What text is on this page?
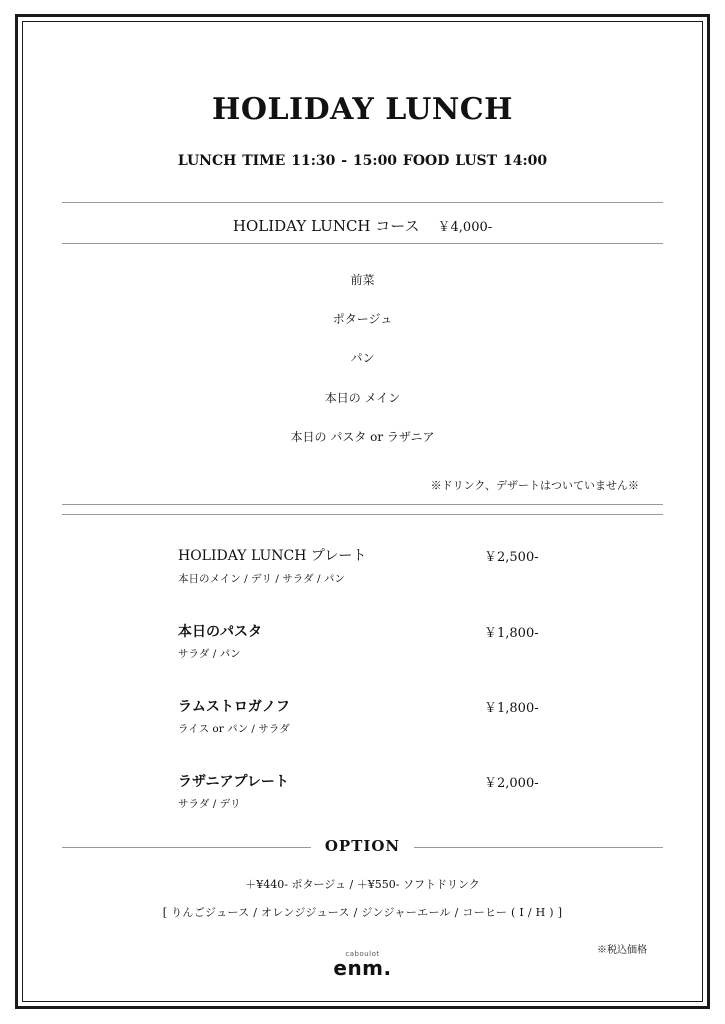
HOLIDAY LUNCH
LUNCH TIME 11:30 - 15:00 FOOD LUST 14:00
HOLIDAY LUNCH コース ￥4,000-
前菜
ポタージュ
パン
本日の メイン
本日の パスタ or ラザニア
※ドリンク、デザートはついていません※
HOLIDAY LUNCH プレート	￥2,500-
本日のメイン / デリ / サラダ / パン
本日のパスタ	￥1,800-
サラダ / パン
ラムストロガノフ	￥1,800-
ライス or パン / サラダ
ラザニアプレート	￥2,000-
サラダ / デリ
OPTION
＋¥440- ポタージュ / ＋¥550- ソフトドリンク
[ りんごジュース / オレンジジュース / ジンジャーエール / コーヒー ( I / H ) ]
※税込価格
caboulot
enm.
